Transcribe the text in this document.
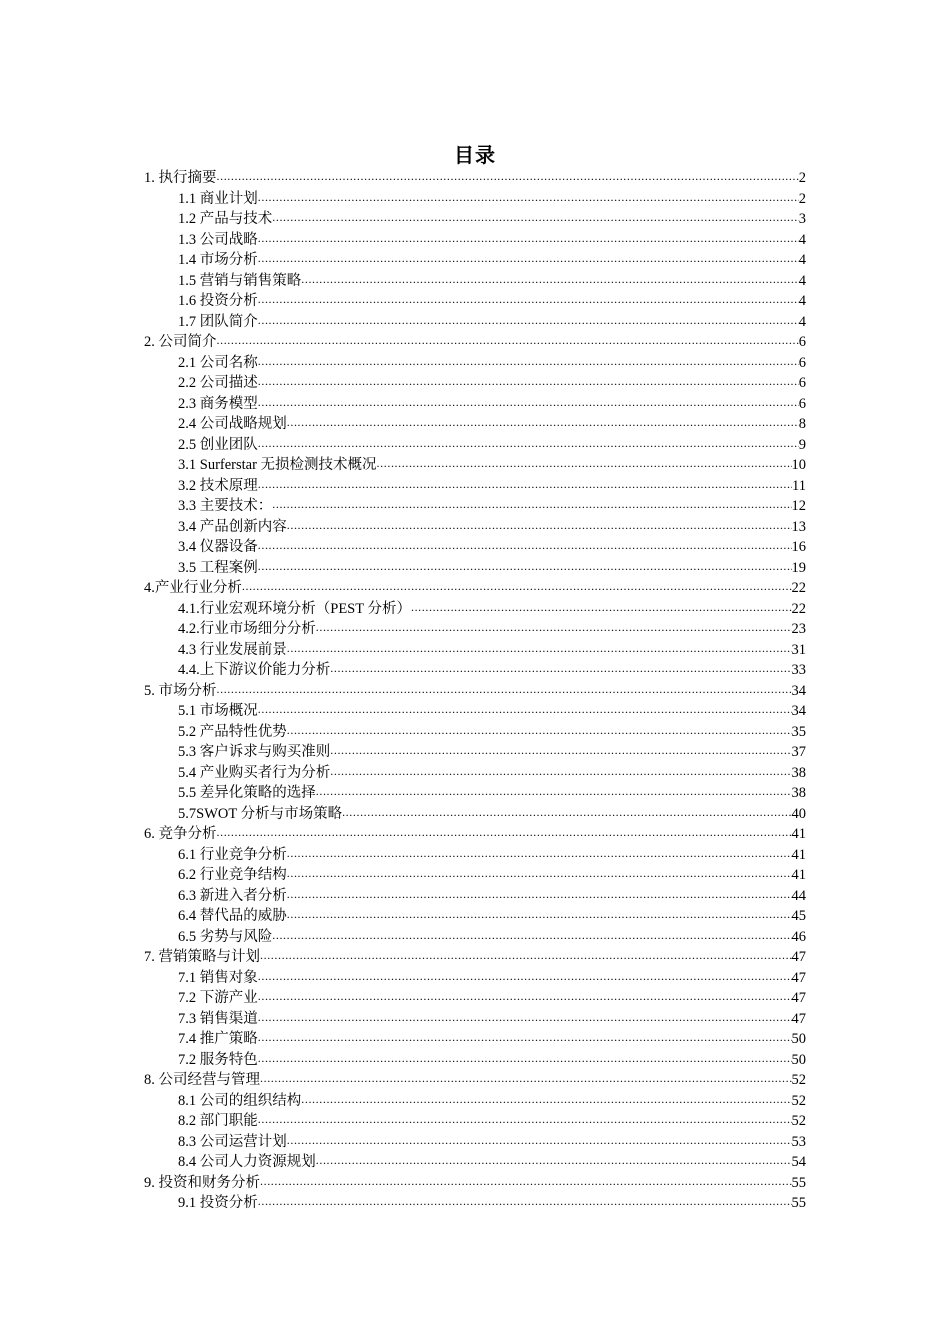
目录
1. 执行摘要 .....	2
1.1 商业计划 .....	2
1.2 产品与技术 .....	3
1.3 公司战略 .....	4
1.4 市场分析 .....	4
1.5 营销与销售策略 .....	4
1.6 投资分析 .....	4
1.7 团队简介 .....	4
2. 公司简介 .....	6
2.1 公司名称 .....	6
2.2 公司描述 .....	6
2.3 商务模型 .....	6
2.4 公司战略规划 .....	8
2.5 创业团队 .....	9
3.1 Surferstar 无损检测技术概况 .....	10
3.2 技术原理 .....	11
3.3 主要技术： .....	12
3.4 产品创新内容 .....	13
3.4 仪器设备 .....	16
3.5 工程案例 .....	19
4.产业行业分析 .....	22
4.1.行业宏观环境分析（PEST 分析） .....	22
4.2.行业市场细分分析 .....	23
4.3 行业发展前景 .....	31
4.4.上下游议价能力分析 .....	33
5. 市场分析 .....	34
5.1 市场概况 .....	34
5.2 产品特性优势 .....	35
5.3 客户诉求与购买准则 .....	37
5.4 产业购买者行为分析 .....	38
5.5 差异化策略的选择 .....	38
5.7SWOT 分析与市场策略 .....	40
6. 竞争分析 .....	41
6.1 行业竞争分析 .....	41
6.2 行业竞争结构 .....	41
6.3 新进入者分析 .....	44
6.4 替代品的威胁 .....	45
6.5 劣势与风险 .....	46
7. 营销策略与计划 .....	47
7.1 销售对象 .....	47
7.2 下游产业 .....	47
7.3 销售渠道 .....	47
7.4 推广策略 .....	50
7.2 服务特色 .....	50
8. 公司经营与管理 .....	52
8.1 公司的组织结构 .....	52
8.2 部门职能 .....	52
8.3 公司运营计划 .....	53
8.4 公司人力资源规划 .....	54
9. 投资和财务分析 .....	55
9.1 投资分析 .....	55
